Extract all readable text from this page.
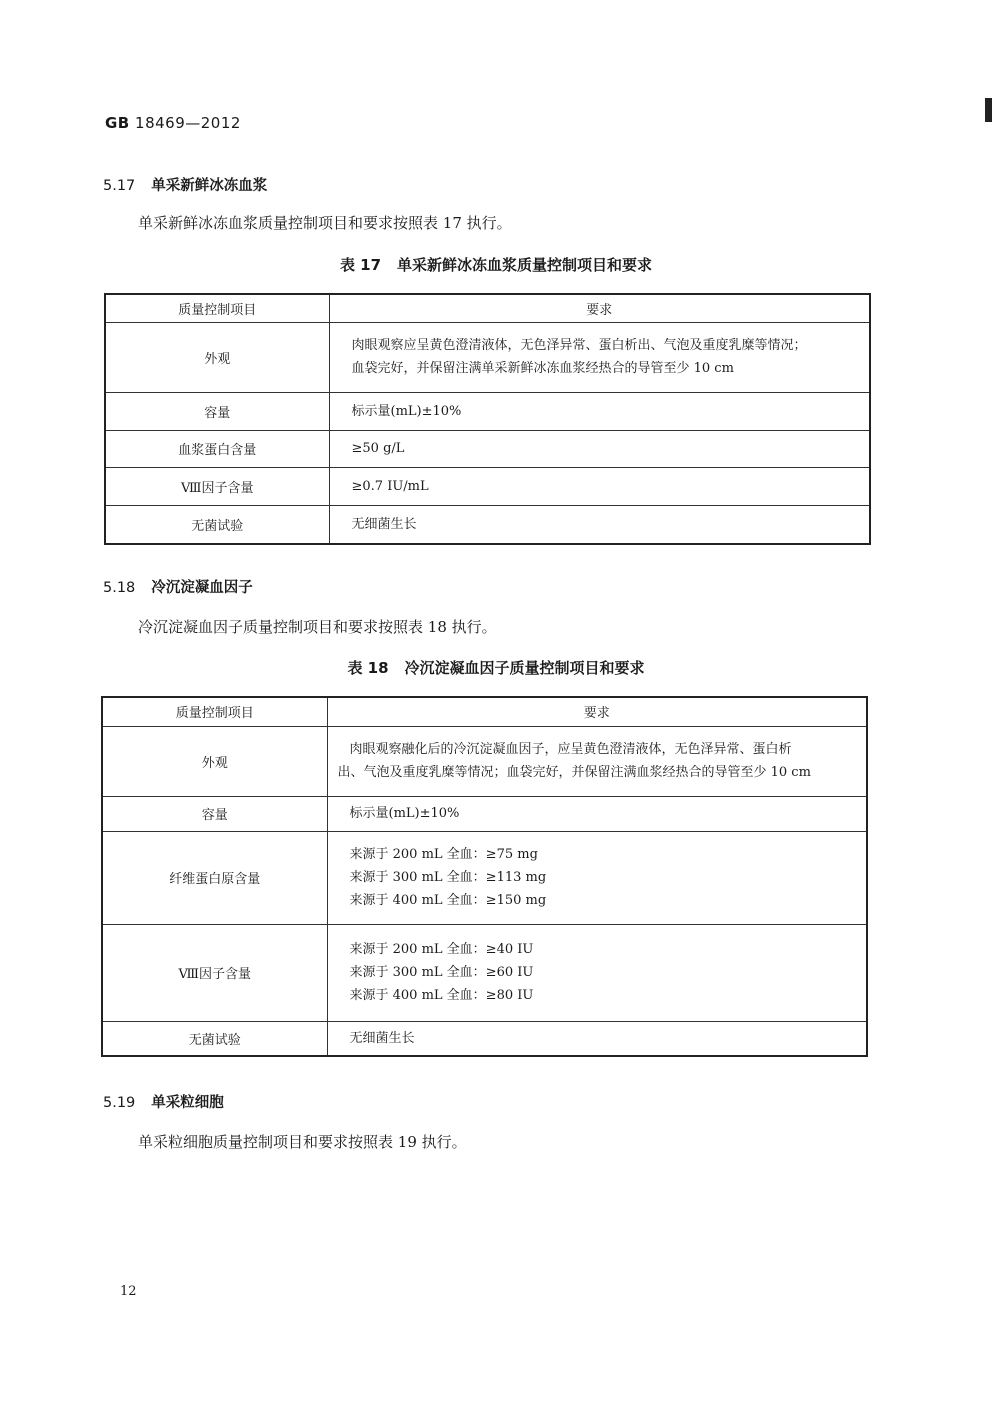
GB 18469—2012
5.17 单采新鲜冰冻血浆
单采新鲜冰冻血浆质量控制项目和要求按照表 17 执行。
表 17 单采新鲜冰冻血浆质量控制项目和要求
质量控制项目	要求
外观	肉眼观察应呈黄色澄清液体，无色泽异常、蛋白析出、气泡及重度乳糜等情况；
血袋完好，并保留注满单采新鲜冰冻血浆经热合的导管至少 10 cm

容量	标示量(mL)±10%

血浆蛋白含量	≥50 g/L

Ⅷ因子含量	≥0.7 IU/mL

无菌试验	无细菌生长
5.18 冷沉淀凝血因子
冷沉淀凝血因子质量控制项目和要求按照表 18 执行。
表 18 冷沉淀凝血因子质量控制项目和要求
质量控制项目	要求
外观	肉眼观察融化后的冷沉淀凝血因子，应呈黄色澄清液体，无色泽异常、蛋白析
出、气泡及重度乳糜等情况；血袋完好，并保留注满血浆经热合的导管至少 10 cm

容量	标示量(mL)±10%

纤维蛋白原含量	来源于 200 mL 全血：≥75 mg
来源于 300 mL 全血：≥113 mg
来源于 400 mL 全血：≥150 mg

Ⅷ因子含量	来源于 200 mL 全血：≥40 IU
来源于 300 mL 全血：≥60 IU
来源于 400 mL 全血：≥80 IU

无菌试验	无细菌生长
5.19 单采粒细胞
单采粒细胞质量控制项目和要求按照表 19 执行。
12
